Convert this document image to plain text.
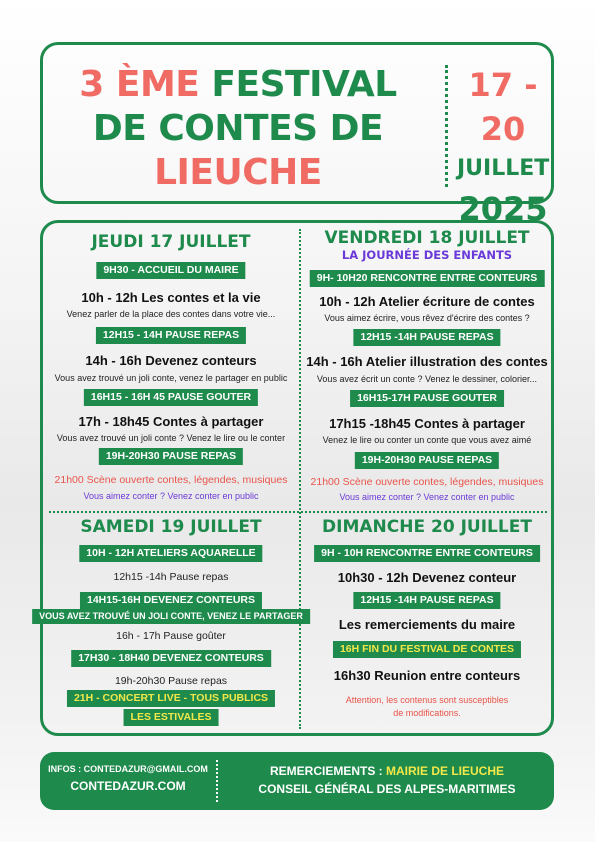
3 ÈME FESTIVAL
DE CONTES DE
LIEUCHE
17 - 20
JUILLET
2025
JEUDI 17 JUILLET
9H30 - ACCUEIL DU MAIRE
10h - 12h Les contes et la vie
Venez parler de la place des contes dans votre vie...
12H15 - 14H PAUSE REPAS
14h - 16h Devenez conteurs
Vous avez trouvé un joli conte, venez le partager en public
16H15 - 16H 45 PAUSE GOUTER
17h - 18h45 Contes à partager
Vous avez trouvé un joli conte ? Venez le lire ou le conter
19H-20H30 PAUSE REPAS
21h00 Scène ouverte contes, légendes, musiques
Vous aimez conter ? Venez conter en public
VENDREDI 18 JUILLET
LA JOURNÉE DES ENFANTS
9H- 10H20 RENCONTRE ENTRE CONTEURS
10h - 12h Atelier écriture de contes
Vous aimez écrire, vous rêvez d'écrire des contes ?
12H15 -14H PAUSE REPAS
14h - 16h Atelier illustration des contes
Vous avez écrit un conte ? Venez le dessiner, colorier...
16H15-17H PAUSE GOUTER
17h15 -18h45 Contes à partager
Venez le lire ou conter un conte que vous avez aimé
19H-20H30 PAUSE REPAS
21h00 Scène ouverte contes, légendes, musiques
Vous aimez conter ? Venez conter en public
SAMEDI 19 JUILLET
10H - 12H ATELIERS AQUARELLE
12h15 -14h Pause repas
14H15-16H DEVENEZ CONTEURS
VOUS AVEZ TROUVÉ UN JOLI CONTE, VENEZ LE PARTAGER
16h - 17h Pause goûter
17H30 - 18H40 DEVENEZ CONTEURS
19h-20h30 Pause repas
21H - CONCERT LIVE - TOUS PUBLICS
LES ESTIVALES
DIMANCHE 20 JUILLET
9H - 10H RENCONTRE ENTRE CONTEURS
10h30 - 12h Devenez conteur
12H15 -14H PAUSE REPAS
Les remerciements du maire
16H FIN DU FESTIVAL DE CONTES
16h30 Reunion entre conteurs
Attention, les contenus sont susceptibles de modifications.
INFOS : CONTEDAZUR@GMAIL.COM
CONTEDAZUR.COM
REMERCIEMENTS : MAIRIE DE LIEUCHE
CONSEIL GÉNÉRAL DES ALPES-MARITIMES
